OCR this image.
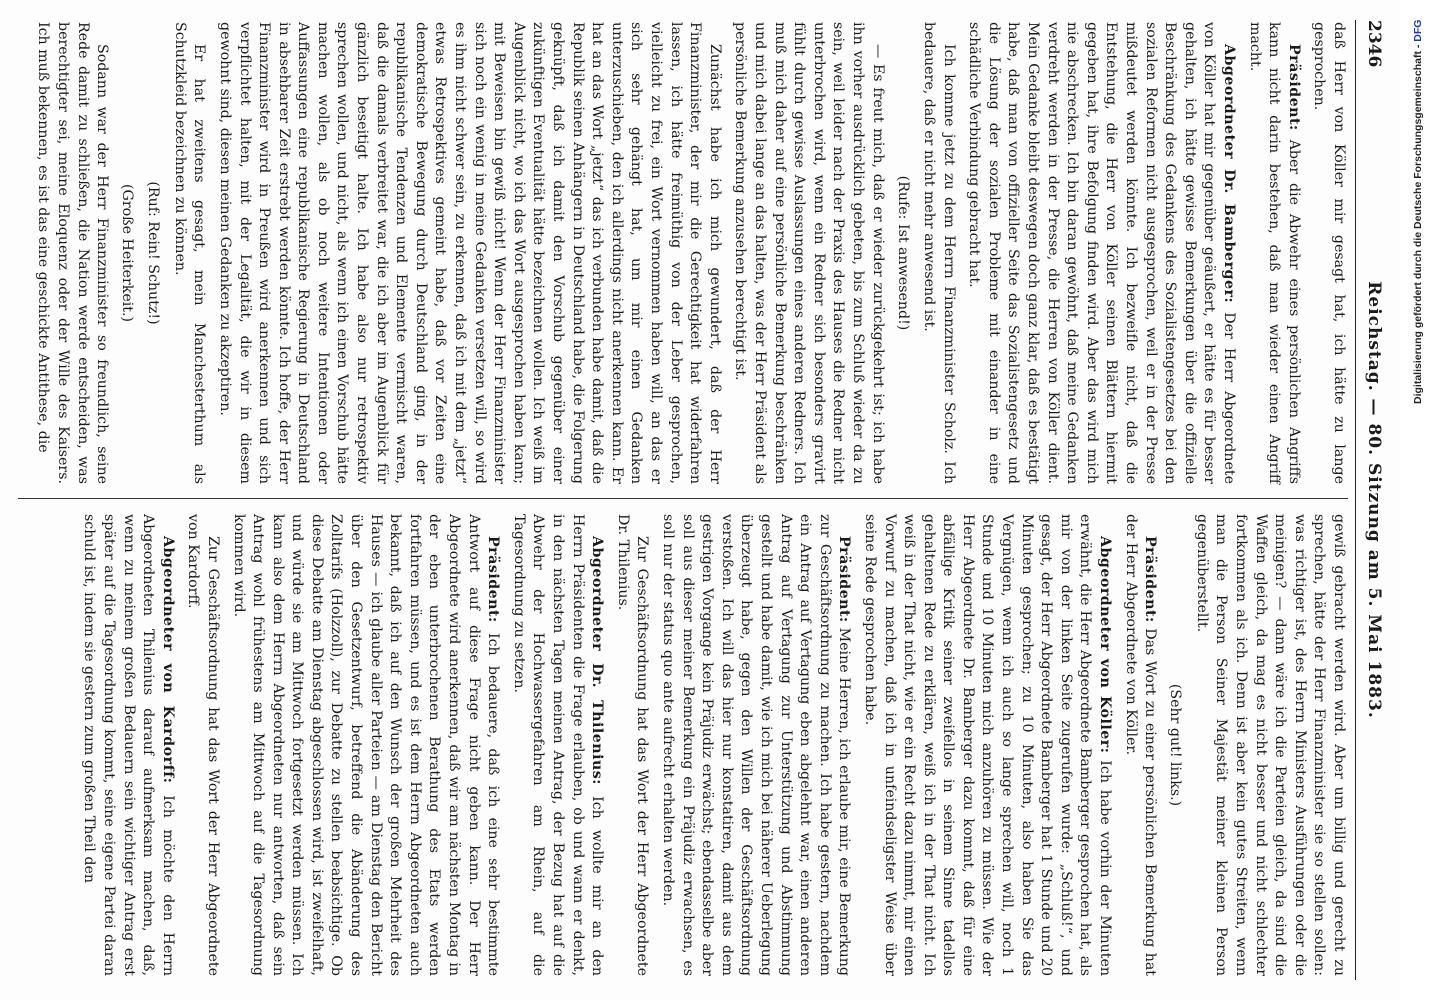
2346
Reichstag. — 80. Sitzung am 5. Mai 1883.

daß Herr von Köller mir gesagt hat, ich hätte zu lange gesprochen.

Präsident: Aber die Abwehr eines persönlichen Angriffs kann nicht darin bestehen, daß man wieder einen Angriff macht.

Abgeordneter Dr. Bamberger: Der Herr Abgeordnete von Köller hat mir gegenüber geäußert, er hätte es für besser gehalten, ich hätte gewisse Bemerkungen über die offizielle Beschränkung des Gedankens des Sozialistengesetzes bei den sozialen Reformen nicht ausgesprochen, weil er in der Presse mißdeutet werden könnte. Ich bezweifle nicht, daß die Entstehung, die Herr von Köller seinen Blättern hiermit gegeben hat, ihre Befolgung finden wird. Aber das wird mich nie abschrecken. Ich bin daran gewöhnt, daß meine Gedanken verdreht werden in der Presse, die Herren von Köller dient. Mein Gedanke bleibt deswegen doch ganz klar, daß es bestätigt habe, daß man von offizieller Seite das Sozialistengesetz und die Lösung der sozialen Probleme mit einander in eine schädliche Verbindung gebracht hat.

Ich komme jetzt zu dem Herrn Finanzminister Scholz. Ich bedauere, daß er nicht mehr anwesend ist.

(Rufe: Ist anwesend!)

— Es freut mich, daß er wieder zurückgekehrt ist; ich habe ihn vorher ausdrücklich gebeten, bis zum Schluß wieder da zu sein, weil leider nach der Praxis des Hauses die Redner nicht unterbrochen wird, wenn ein Redner sich besonders gravirt fühlt durch gewisse Auslassungen eines anderen Redners. Ich muß mich daher auf eine persönliche Bemerkung beschränken und mich dabei lange an das halten, was der Herr Präsident als persönliche Bemerkung anzusehen berechtigt ist.

Zunächst habe ich mich gewundert, daß der Herr Finanzminister, der mir die Gerechtigkeit hat widerfahren lassen, ich hätte freimüthig von der Leber gesprochen, vielleicht zu frei, ein Wort vernommen haben will, an das er sich sehr gehängt hat, um mir einen Gedanken unterzuschieben, den ich allerdings nicht anerkennen kann. Er hat an das Wort „jetzt“ das ich verbunden habe damit, daß die Republik seinen Anhängern in Deutschland habe, die Folgerung geknüpft, daß ich damit den Vorschub gegenüber einer zukünftigen Eventualität hätte bezeichnen wollen. Ich weiß im Augenblick nicht, wo ich das Wort ausgesprochen haben kann; mit Beweisen bin gewiß nicht! Wenn der Herr Finanzminister sich noch ein wenig in meine Gedanken versetzen will, so wird es ihm nicht schwer sein, zu erkennen, daß ich mit dem „jetzt“ etwas Retrospektives gemeint habe, daß vor Zeiten eine demokratische Bewegung durch Deutschland ging, in der republikanische Tendenzen und Elemente vermischt waren, daß die damals verbreitet war, die ich aber im Augenblick für gänzlich beseitigt halte. Ich habe also nur retrospektiv sprechen wollen, und nicht, als wenn ich einen Vorschub hätte machen wollen, als ob noch weitere Intentionen oder Auffassungen eine republikanische Regierung in Deutschland in absehbarer Zeit erstrebt werden könnte. Ich hoffe, der Herr Finanzminister wird in Preußen wird anerkennen und sich verpflichtet halten, mit der Legalität, die wir in diesem gewohnt sind, diesen meinen Gedanken zu akzeptiren.

Er hat zweitens gesagt, mein Manchesterthum als Schutzkleid bezeichnen zu können.

(Ruf: Rein! Schutz!)

(Große Heiterkeit.)

Sodann war der Herr Finanzminister so freundlich, seine Rede damit zu schließen, die Nation werde entscheiden, was berechtigter sei, meine Eloquenz oder der Wille des Kaisers. Ich muß bekennen, es ist das eine geschickte Antithese, die

gewiß gebracht werden wird. Aber um billig und gerecht zu sprechen, hätte der Herr Finanzminister sie so stellen sollen: was richtiger ist, des Herrn Ministers Ausführungen oder die meinigen? — dann wäre ich die Parteien gleich, da sind die Waffen gleich, da mag es nicht besser und nicht schlechter fortkommen als ich. Denn ist aber kein gutes Streiten, wenn man die Person Seiner Majestät meiner kleinen Person gegenüberstellt.

(Sehr gut! links.)

Präsident: Das Wort zu einer persönlichen Bemerkung hat der Herr Abgeordnete von Köller.

Abgeordneter von Köller: Ich habe vorhin der Minuten erwähnt, die Herr Abgeordnete Bamberger gesprochen hat, als mir von der linken Seite zugerufen wurde: „Schluß!“, und gesagt, der Herr Abgeordnete Bamberger hat 1 Stunde und 20 Minuten gesprochen; zu 10 Minuten, also haben Sie das Vergnügen, wenn ich auch so lange sprechen will, noch 1 Stunde und 10 Minuten mich anzuhören zu müssen. Wie der Herr Abgeordnete Dr. Bamberger dazu kommt, daß für eine abfällige Kritik seiner zweifellos in seinem Sinne tadellos gehaltenen Rede zu erklären, weiß ich in der That nicht. Ich weiß in der That nicht, wie er ein Recht dazu nimmt, mir einen Vorwurf zu machen, daß ich in unfeindseligster Weise über seine Rede gesprochen habe.

Präsident: Meine Herren, ich erlaube mir, eine Bemerkung zur Geschäftsordnung zu machen. Ich habe gestern, nachdem ein Antrag auf Vertagung eben abgelehnt war, einen anderen Antrag auf Vertagung zur Unterstützung und Abstimmung gestellt und habe damit, wie ich mich bei näherer Ueberlegung überzeugt habe, gegen den Willen der Geschäftsordnung verstoßen. Ich will das hier nur konstatiren, damit aus dem gestrigen Vorgange kein Präjudiz erwächst; ebendasselbe aber soll aus dieser meiner Bemerkung ein Präjudiz erwachsen, es soll nur der status quo ante aufrecht erhalten werden.

Zur Geschäftsordnung hat das Wort der Herr Abgeordnete Dr. Thilenius.

Abgeordneter Dr. Thilenius: Ich wollte mir an den Herrn Präsidenten die Frage erlauben, ob und wann er denkt, in den nächsten Tagen meinen Antrag, der Bezug hat auf die Abwehr der Hochwassergefahren am Rhein, auf die Tagesordnung zu setzen.

Präsident: Ich bedauere, daß ich eine sehr bestimmte Antwort auf diese Frage nicht geben kann. Der Herr Abgeordnete wird anerkennen, daß wir am nächsten Montag in der eben unterbrochenen Berathung des Etats werden fortfahren müssen, und es ist dem Herrn Abgeordneten auch bekannt, daß ich auf den Wunsch der großen Mehrheit des Hauses — ich glaube aller Parteien — am Dienstag den Bericht über den Gesetzentwurf, betreffend die Abänderung des Zolltarifs (Holzzoll), zur Debatte zu stellen beabsichtige. Ob diese Debatte am Dienstag abgeschlossen wird, ist zweifelhaft, und würde sie am Mittwoch fortgesetzt werden müssen. Ich kann also dem Herrn Abgeordneten nur antworten, daß sein Antrag wohl frühestens am Mittwoch auf die Tagesordnung kommen wird.

Zur Geschäftsordnung hat das Wort der Herr Abgeordnete von Kardorff.

Abgeordneter von Kardorff: Ich möchte den Herrn Abgeordneten Thilenius darauf aufmerksam machen, daß, wenn zu meinem großen Bedauern sein wichtiger Antrag erst später auf die Tagesordnung kommt, seine eigene Partei daran schuld ist, indem sie gestern zum großen Theil den

Digitalisierung gefördert durch die Deutsche Forschungsgemeinschaft - DFG
